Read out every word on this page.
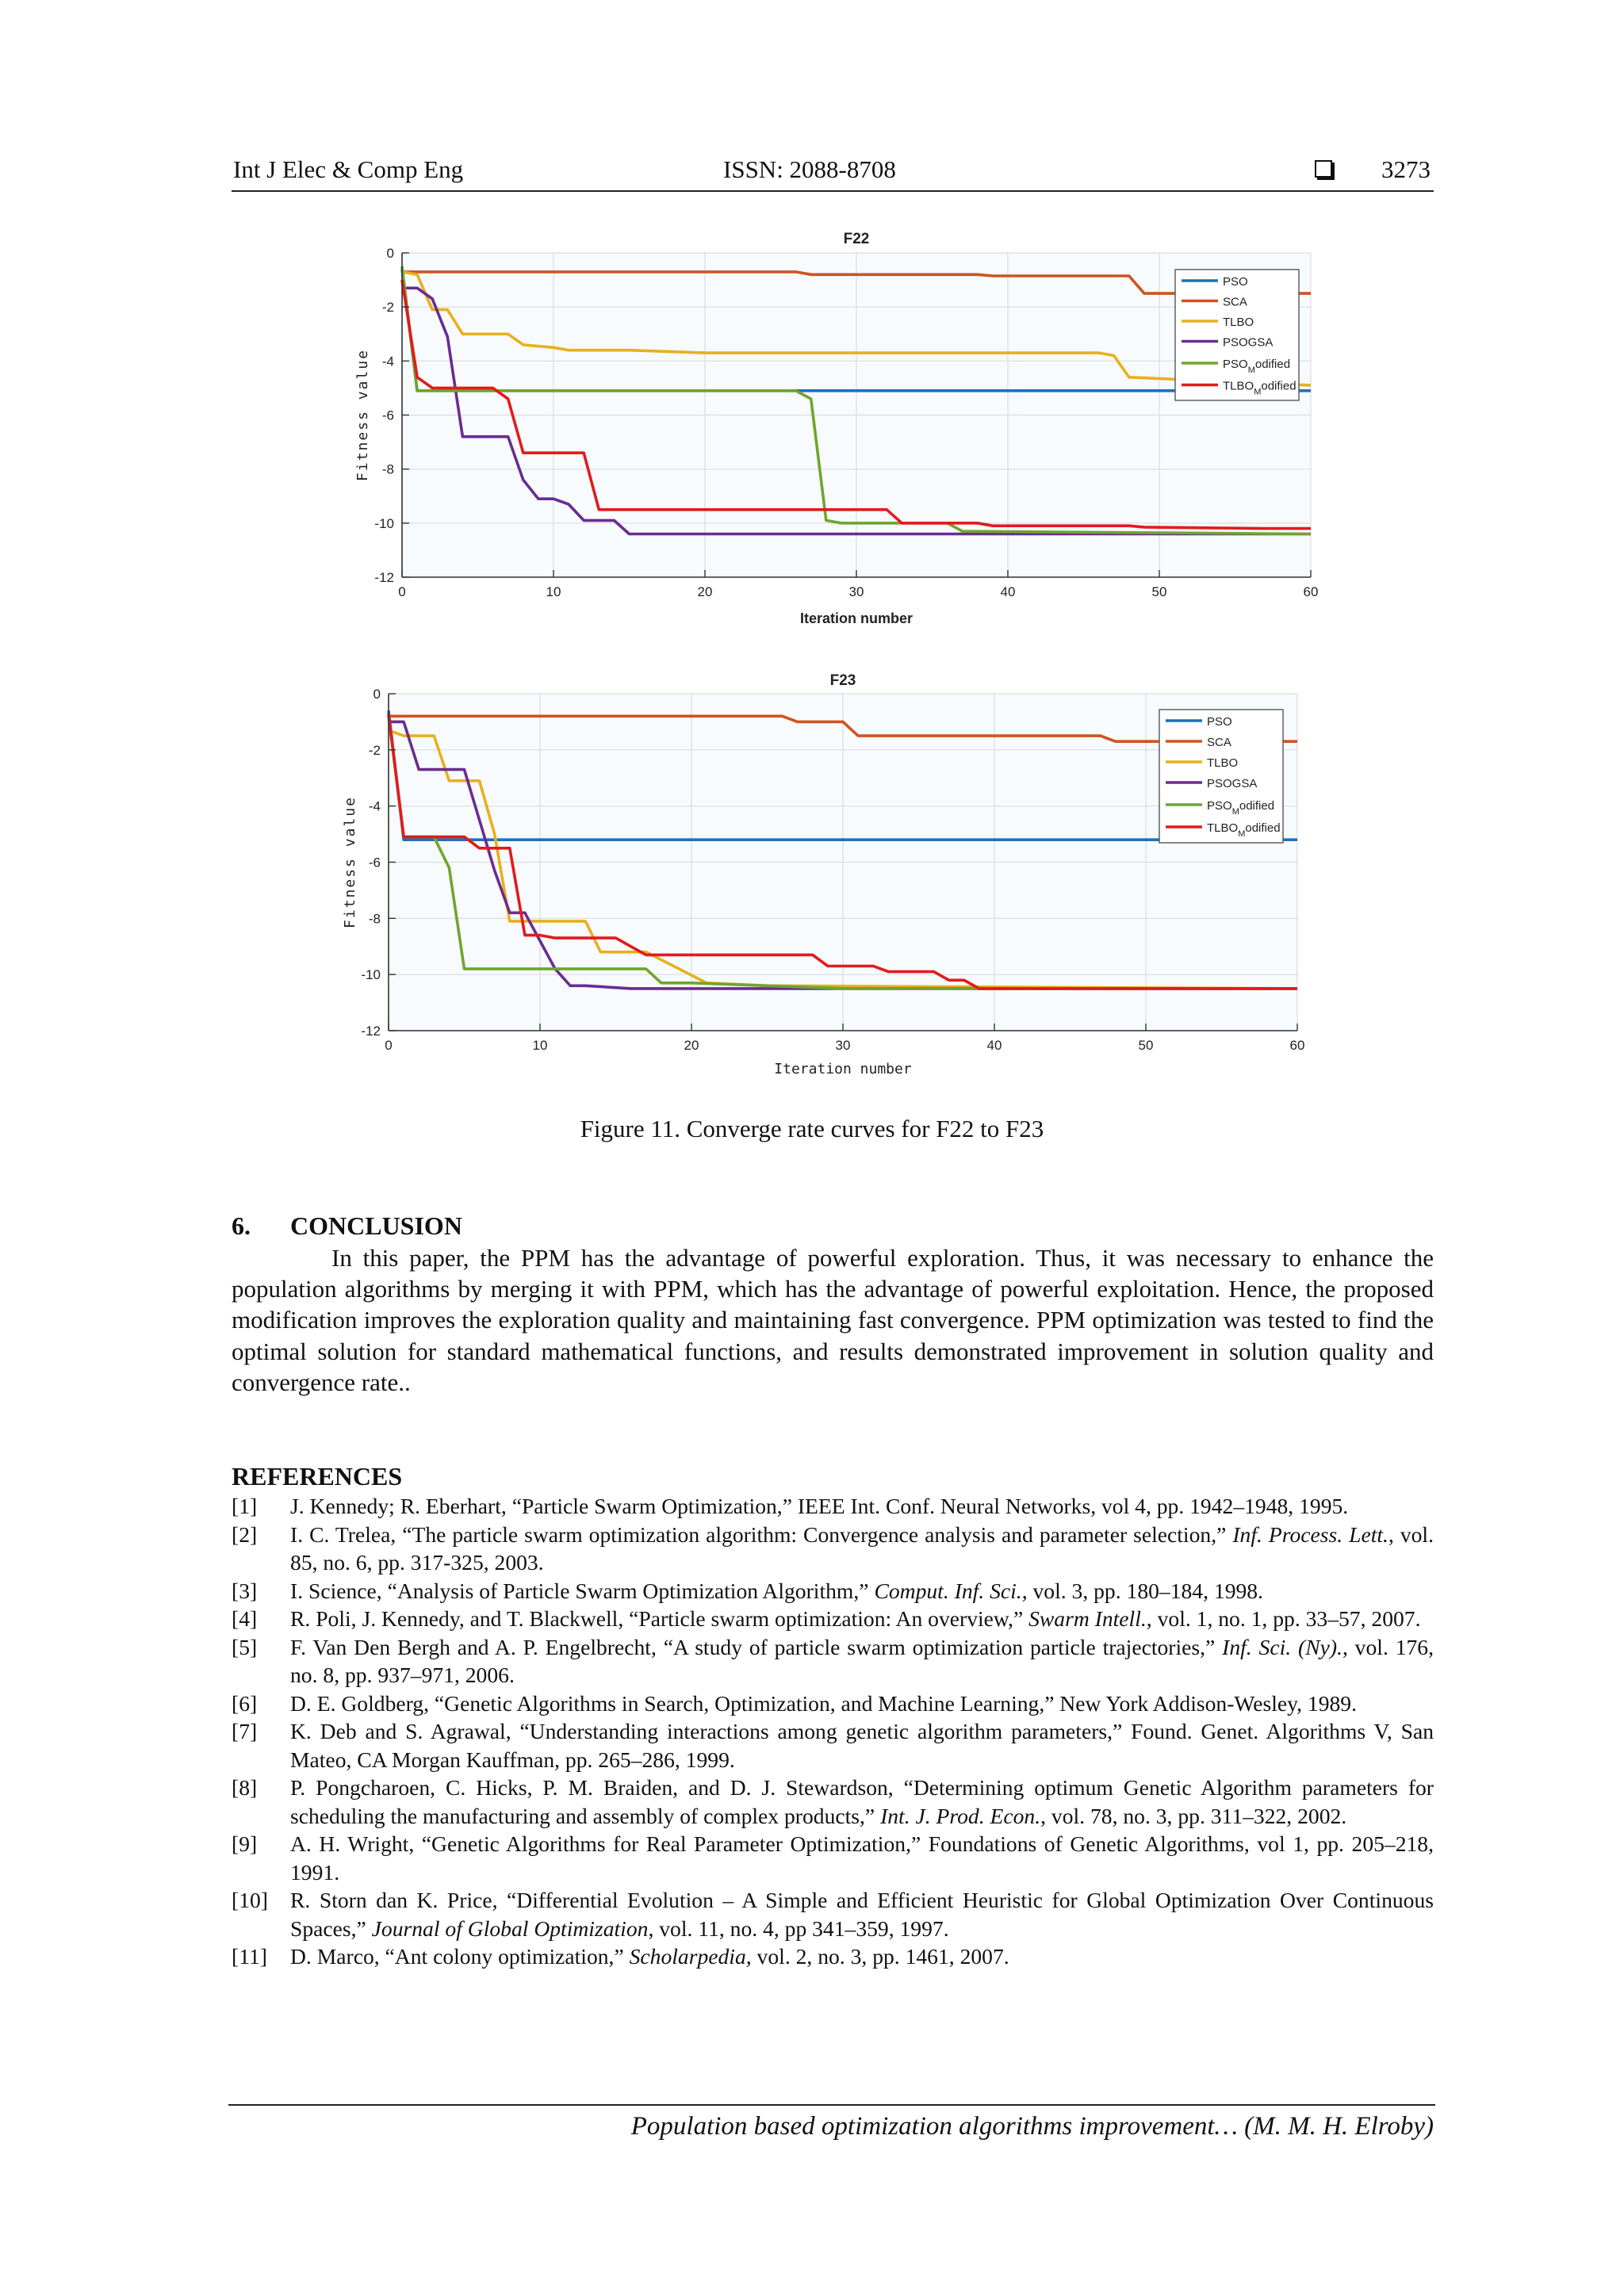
Int J Elec & Comp Eng	ISSN: 2088-8708	3273
0	10	20	30	40	50	60
0
-2
-4
-6
-8
-10
-12
F22
Iteration number
Fitness value
PSO
SCA
TLBO
PSOGSA
$PSO_Modified$
$TLBO_Modified$
0	10	20	30	40	50	60
0
-2
-4
-6
-8
-10
-12
F23
Iteration number
Fitness value
PSO
SCA
TLBO
PSOGSA
$PSO_Modified$
$TLBO_Modified$
Figure 11. Converge rate curves for F22 to F23
6. CONCLUSION

In this paper, the PPM has the advantage of powerful exploration. Thus, it was necessary to enhance the population algorithms by merging it with PPM, which has the advantage of powerful exploitation. Hence, the proposed modification improves the exploration quality and maintaining fast convergence. PPM optimization was tested to find the optimal solution for standard mathematical functions, and results demonstrated improvement in solution quality and convergence rate..

REFERENCES
[1] J. Kennedy; R. Eberhart, “Particle Swarm Optimization,” IEEE Int. Conf. Neural Networks, vol 4, pp. 1942–1948, 1995.
[2] I. C. Trelea, “The particle swarm optimization algorithm: Convergence analysis and parameter selection,” Inf. Process. Lett., vol. 85, no. 6, pp. 317-325, 2003.
[3] I. Science, “Analysis of Particle Swarm Optimization Algorithm,” Comput. Inf. Sci., vol. 3, pp. 180–184, 1998.
[4] R. Poli, J. Kennedy, and T. Blackwell, “Particle swarm optimization: An overview,” Swarm Intell., vol. 1, no. 1, pp. 33–57, 2007.
[5] F. Van Den Bergh and A. P. Engelbrecht, “A study of particle swarm optimization particle trajectories,” Inf. Sci. (Ny)., vol. 176, no. 8, pp. 937–971, 2006.
[6] D. E. Goldberg, “Genetic Algorithms in Search, Optimization, and Machine Learning,” New York Addison-Wesley, 1989.
[7] K. Deb and S. Agrawal, “Understanding interactions among genetic algorithm parameters,” Found. Genet. Algorithms V, San Mateo, CA Morgan Kauffman, pp. 265–286, 1999.
[8] P. Pongcharoen, C. Hicks, P. M. Braiden, and D. J. Stewardson, “Determining optimum Genetic Algorithm parameters for scheduling the manufacturing and assembly of complex products,” Int. J. Prod. Econ., vol. 78, no. 3, pp. 311–322, 2002.
[9] A. H. Wright, “Genetic Algorithms for Real Parameter Optimization,” Foundations of Genetic Algorithms, vol 1, pp. 205–218, 1991.
[10] R. Storn dan K. Price, “Differential Evolution – A Simple and Efficient Heuristic for Global Optimization Over Continuous Spaces,” Journal of Global Optimization, vol. 11, no. 4, pp 341–359, 1997.
[11] D. Marco, “Ant colony optimization,” Scholarpedia, vol. 2, no. 3, pp. 1461, 2007.
Population based optimization algorithms improvement… (M. M. H. Elroby)
